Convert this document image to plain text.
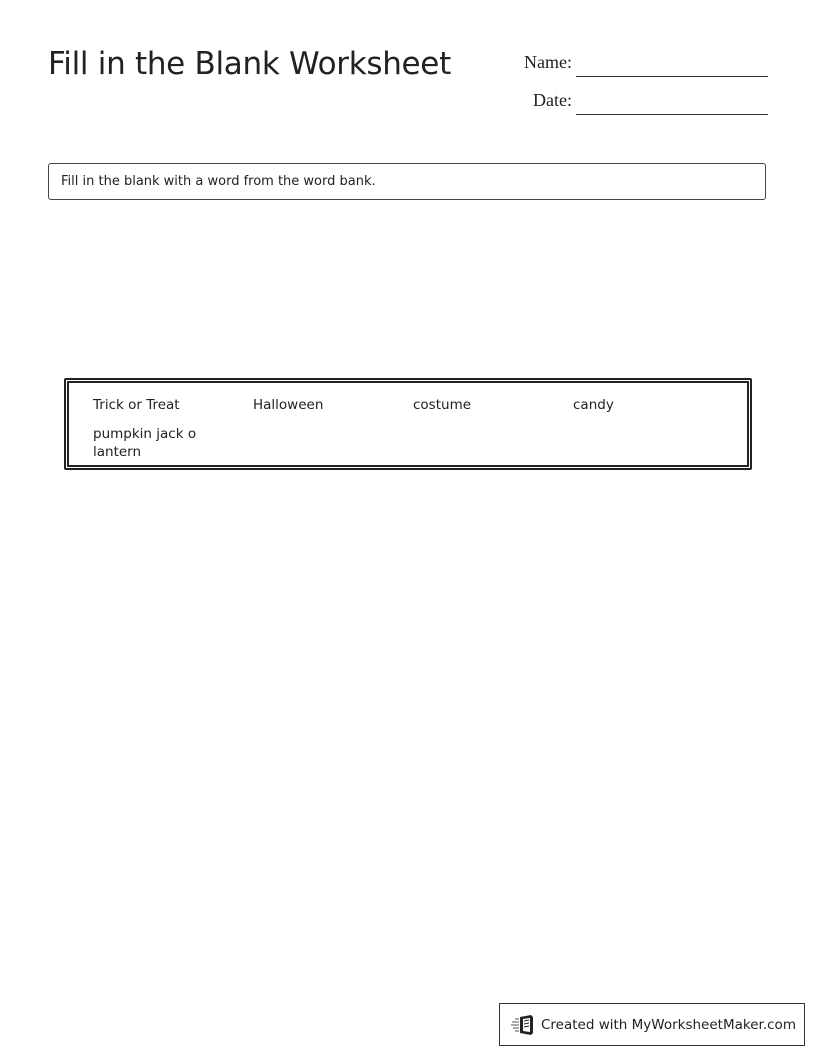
Fill in the Blank Worksheet	Name:
Date:
Fill in the blank with a word from the word bank.
Trick or Treat	Halloween	costume	candy
pumpkin jack o lantern
Created with MyWorksheetMaker.com
